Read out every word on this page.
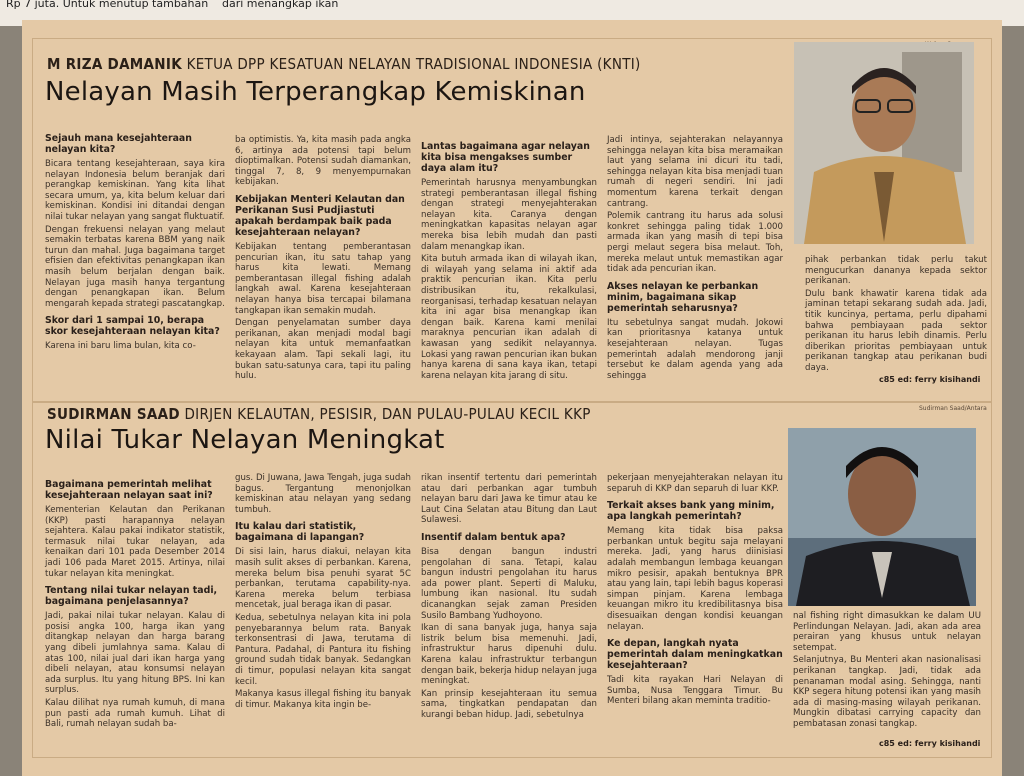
Rp 7 juta. Untuk menutup tambahan dari menangkap ikan
M RIZA DAMANIK KETUA DPP KESATUAN NELAYAN TRADISIONAL INDONESIA (KNTI)
Nelayan Masih Terperangkap Kemiskinan
Sejauh mana kesejahteraan nelayan kita?

Bicara tentang kesejahteraan, saya kira nelayan Indonesia belum beranjak dari perangkap kemiskinan. Yang kita lihat secara umum, ya, kita belum keluar dari kemiskinan. Kondisi ini ditandai dengan nilai tukar nelayan yang sangat fluktuatif.

Dengan frekuensi nelayan yang melaut semakin terbatas karena BBM yang naik turun dan mahal. Juga bagaimana target efisien dan efektivitas penangkapan ikan masih belum berjalan dengan baik. Nelayan juga masih hanya tergantung dengan penangkapan ikan. Belum mengarah kepada strategi pascatangkap.

Skor dari 1 sampai 10, berapa skor kesejahteraan nelayan kita?

Karena ini baru lima bulan, kita co-

ba optimistis. Ya, kita masih pada angka 6, artinya ada potensi tapi belum dioptimalkan. Potensi sudah diamankan, tinggal 7, 8, 9 menyempurnakan kebijakan.

Kebijakan Menteri Kelautan dan Perikanan Susi Pudjiastuti apakah berdampak baik pada kesejahteraan nelayan?

Kebijakan tentang pemberantasan pencurian ikan, itu satu tahap yang harus kita lewati. Memang pemberantasan illegal fishing adalah langkah awal. Karena kesejahteraan nelayan hanya bisa tercapai bilamana tangkapan ikan semakin mudah.

Dengan penyelamatan sumber daya perikanan, akan menjadi modal bagi nelayan kita untuk memanfaatkan kekayaan alam. Tapi sekali lagi, itu bukan satu-satunya cara, tapi itu paling hulu.

Lantas bagaimana agar nelayan kita bisa mengakses sumber daya alam itu?

Pemerintah harusnya menyambungkan strategi pemberantasan illegal fishing dengan strategi menyejahterakan nelayan kita. Caranya dengan meningkatkan kapasitas nelayan agar mereka bisa lebih mudah dan pasti dalam menangkap ikan.

Kita butuh armada ikan di wilayah ikan, di wilayah yang selama ini aktif ada praktik pencurian ikan. Kita perlu distribusikan itu, rekalkulasi, reorganisasi, terhadap kesatuan nelayan kita ini agar bisa menangkap ikan dengan baik. Karena kami menilai maraknya pencurian ikan adalah di kawasan yang sedikit nelayannya. Lokasi yang rawan pencurian ikan bukan hanya karena di sana kaya ikan, tetapi karena nelayan kita jarang di situ.

Jadi intinya, sejahterakan nelayannya sehingga nelayan kita bisa meramaikan laut yang selama ini dicuri itu tadi, sehingga nelayan kita bisa menjadi tuan rumah di negeri sendiri. Ini jadi momentum karena terkait dengan cantrang.

Polemik cantrang itu harus ada solusi konkret sehingga paling tidak 1.000 armada ikan yang masih di tepi bisa pergi melaut segera bisa melaut. Toh, mereka melaut untuk memastikan agar tidak ada pencurian ikan.

Akses nelayan ke perbankan minim, bagaimana sikap pemerintah seharusnya?

Itu sebetulnya sangat mudah. Jokowi kan prioritasnya katanya untuk kesejahteraan nelayan. Tugas pemerintah adalah mendorong janji tersebut ke dalam agenda yang ada sehingga

pihak perbankan tidak perlu takut mengucurkan dananya kepada sektor perikanan.

Dulu bank khawatir karena tidak ada jaminan tetapi sekarang sudah ada. Jadi, titik kuncinya, pertama, perlu dipahami bahwa pembiayaan pada sektor perikanan itu harus lebih dinamis. Perlu diberikan prioritas pembiayaan untuk perikanan tangkap atau perikanan budi daya.

c85 ed: ferry kisihandi
Sudirman Saad/Antara
SUDIRMAN SAAD DIRJEN KELAUTAN, PESISIR, DAN PULAU-PULAU KECIL KKP
Nilai Tukar Nelayan Meningkat
Bagaimana pemerintah melihat kesejahteraan nelayan saat ini?

Kementerian Kelautan dan Perikanan (KKP) pasti harapannya nelayan sejahtera. Kalau pakai indikator statistik, termasuk nilai tukar nelayan, ada kenaikan dari 101 pada Desember 2014 jadi 106 pada Maret 2015. Artinya, nilai tukar nelayan kita meningkat.

Tentang nilai tukar nelayan tadi, bagaimana penjelasannya?

Jadi, pakai nilai tukar nelayan. Kalau di posisi angka 100, harga ikan yang ditangkap nelayan dan harga barang yang dibeli jumlahnya sama. Kalau di atas 100, nilai jual dari ikan harga yang dibeli nelayan, atau konsumsi nelayan ada surplus. Itu yang hitung BPS. Ini kan surplus.

Kalau dilihat nya rumah kumuh, di mana pun pasti ada rumah kumuh. Lihat di Bali, rumah nelayan sudah ba-

gus. Di Juwana, Jawa Tengah, juga sudah bagus. Tergantung menonjolkan kemiskinan atau nelayan yang sedang tumbuh.

Itu kalau dari statistik, bagaimana di lapangan?

Di sisi lain, harus diakui, nelayan kita masih sulit akses di perbankan. Karena, mereka belum bisa penuhi syarat 5C perbankan, terutama capability-nya. Karena mereka belum terbiasa mencetak, jual beraga ikan di pasar.

Kedua, sebetulnya nelayan kita ini pola penyebarannya belum rata. Banyak terkonsentrasi di Jawa, terutama di Pantura. Padahal, di Pantura itu fishing ground sudah tidak banyak. Sedangkan di timur, populasi nelayan kita sangat kecil.

Makanya kasus illegal fishing itu banyak di timur. Makanya kita ingin be-

rikan insentif tertentu dari pemerintah atau dari perbankan agar tumbuh nelayan baru dari Jawa ke timur atau ke Laut Cina Selatan atau Bitung dan Laut Sulawesi.

Insentif dalam bentuk apa?

Bisa dengan bangun industri pengolahan di sana. Tetapi, kalau bangun industri pengolahan itu harus ada power plant. Seperti di Maluku, lumbung ikan nasional. Itu sudah dicanangkan sejak zaman Presiden Susilo Bambang Yudhoyono.

Ikan di sana banyak juga, hanya saja listrik belum bisa memenuhi. Jadi, infrastruktur harus dipenuhi dulu. Karena kalau infrastruktur terbangun dengan baik, bekerja hidup nelayan juga meningkat.

Kan prinsip kesejahteraan itu semua sama, tingkatkan pendapatan dan kurangi beban hidup. Jadi, sebetulnya

pekerjaan menyejahterakan nelayan itu separuh di KKP dan separuh di luar KKP.

Terkait akses bank yang minim, apa langkah pemerintah?

Memang kita tidak bisa paksa perbankan untuk begitu saja melayani mereka. Jadi, yang harus diinisiasi adalah membangun lembaga keuangan mikro pesisir, apakah bentuknya BPR atau yang lain, tapi lebih bagus koperasi simpan pinjam. Karena lembaga keuangan mikro itu kredibilitasnya bisa disesuaikan dengan kondisi keuangan nelayan.

Ke depan, langkah nyata pemerintah dalam meningkatkan kesejahteraan?

Tadi kita rayakan Hari Nelayan di Sumba, Nusa Tenggara Timur. Bu Menteri bilang akan meminta traditio-

nal fishing right dimasukkan ke dalam UU Perlindungan Nelayan. Jadi, akan ada area perairan yang khusus untuk nelayan setempat.

Selanjutnya, Bu Menteri akan nasionalisasi perikanan tangkap. Jadi, tidak ada penanaman modal asing. Sehingga, nanti KKP segera hitung potensi ikan yang masih ada di masing-masing wilayah perikanan. Mungkin dibatasi carrying capacity dan pembatasan zonasi tangkap.

c85 ed: ferry kisihandi
